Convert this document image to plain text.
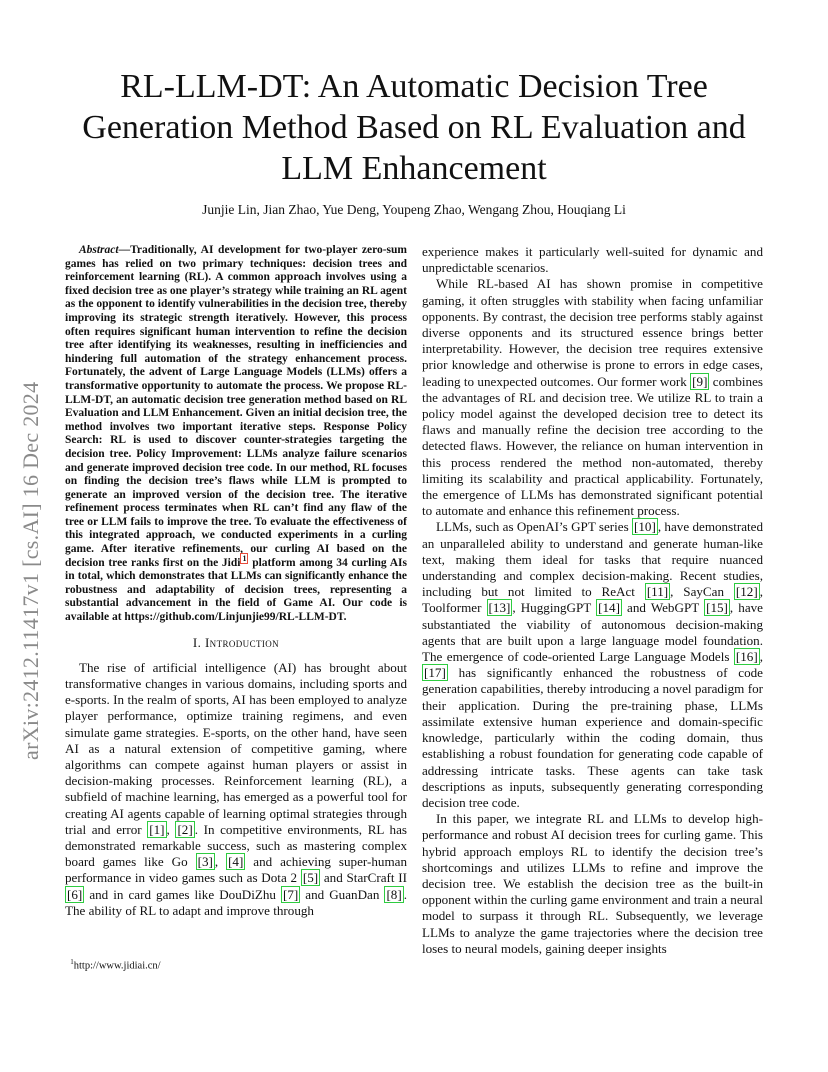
arXiv:2412.11417v1 [cs.AI] 16 Dec 2024
RL-LLM-DT: An Automatic Decision Tree Generation Method Based on RL Evaluation and LLM Enhancement
Junjie Lin, Jian Zhao, Yue Deng, Youpeng Zhao, Wengang Zhou, Houqiang Li

Abstract—Traditionally, AI development for two-player zero-sum games has relied on two primary techniques: decision trees and reinforcement learning (RL). A common approach involves using a fixed decision tree as one player’s strategy while training an RL agent as the opponent to identify vulnerabilities in the decision tree, thereby improving its strategic strength iteratively. However, this process often requires significant human intervention to refine the decision tree after identifying its weaknesses, resulting in inefficiencies and hindering full automation of the strategy enhancement process. Fortunately, the advent of Large Language Models (LLMs) offers a transformative opportunity to automate the process. We propose RL-LLM-DT, an automatic decision tree generation method based on RL Evaluation and LLM Enhancement. Given an initial decision tree, the method involves two important iterative steps. Response Policy Search: RL is used to discover counter-strategies targeting the decision tree. Policy Improvement: LLMs analyze failure scenarios and generate improved decision tree code. In our method, RL focuses on finding the decision tree’s flaws while LLM is prompted to generate an improved version of the decision tree. The iterative refinement process terminates when RL can’t find any flaw of the tree or LLM fails to improve the tree. To evaluate the effectiveness of this integrated approach, we conducted experiments in a curling game. After iterative refinements, our curling AI based on the decision tree ranks first on the Jidi $^1$ platform among 34 curling AIs in total, which demonstrates that LLMs can significantly enhance the robustness and adaptability of decision trees, representing a substantial advancement in the field of Game AI. Our code is available at https://github.com/Linjunjie99/RL-LLM-DT.

I. Introduction

The rise of artificial intelligence (AI) has brought about transformative changes in various domains, including sports and e-sports. In the realm of sports, AI has been employed to analyze player performance, optimize training regimens, and even simulate game strategies. E-sports, on the other hand, have seen AI as a natural extension of competitive gaming, where algorithms can compete against human players or assist in decision-making processes. Reinforcement learning (RL), a subfield of machine learning, has emerged as a powerful tool for creating AI agents capable of learning optimal strategies through trial and error [1] , [2] . In competitive environments, RL has demonstrated remarkable success, such as mastering complex board games like Go [3] , [4] and achieving super-human performance in video games such as Dota 2 [5] and StarCraft II [6] and in card games like DouDiZhu [7] and GuanDan [8] . The ability of RL to adapt and improve through

$^1$http://www.jidiai.cn/

experience makes it particularly well-suited for dynamic and unpredictable scenarios.

While RL-based AI has shown promise in competitive gaming, it often struggles with stability when facing unfamiliar opponents. By contrast, the decision tree performs stably against diverse opponents and its structured essence brings better interpretability. However, the decision tree requires extensive prior knowledge and otherwise is prone to errors in edge cases, leading to unexpected outcomes. Our former work [9] combines the advantages of RL and decision tree. We utilize RL to train a policy model against the developed decision tree to detect its flaws and manually refine the decision tree according to the detected flaws. However, the reliance on human intervention in this process rendered the method non-automated, thereby limiting its scalability and practical applicability. Fortunately, the emergence of LLMs has demonstrated significant potential to automate and enhance this refinement process.

LLMs, such as OpenAI’s GPT series [10] , have demonstrated an unparalleled ability to understand and generate human-like text, making them ideal for tasks that require nuanced understanding and complex decision-making. Recent studies, including but not limited to ReAct [11] , SayCan [12] , Toolformer [13] , HuggingGPT [14] and WebGPT [15] , have substantiated the viability of autonomous decision-making agents that are built upon a large language model foundation. The emergence of code-oriented Large Language Models [16] , [17] has significantly enhanced the robustness of code generation capabilities, thereby introducing a novel paradigm for their application. During the pre-training phase, LLMs assimilate extensive human experience and domain-specific knowledge, particularly within the coding domain, thus establishing a robust foundation for generating code capable of addressing intricate tasks. These agents can take task descriptions as inputs, subsequently generating corresponding decision tree code.

In this paper, we integrate RL and LLMs to develop high-performance and robust AI decision trees for curling game. This hybrid approach employs RL to identify the decision tree’s shortcomings and utilizes LLMs to refine and improve the decision tree. We establish the decision tree as the built-in opponent within the curling game environment and train a neural model to surpass it through RL. Subsequently, we leverage LLMs to analyze the game trajectories where the decision tree loses to neural models, gaining deeper insights
